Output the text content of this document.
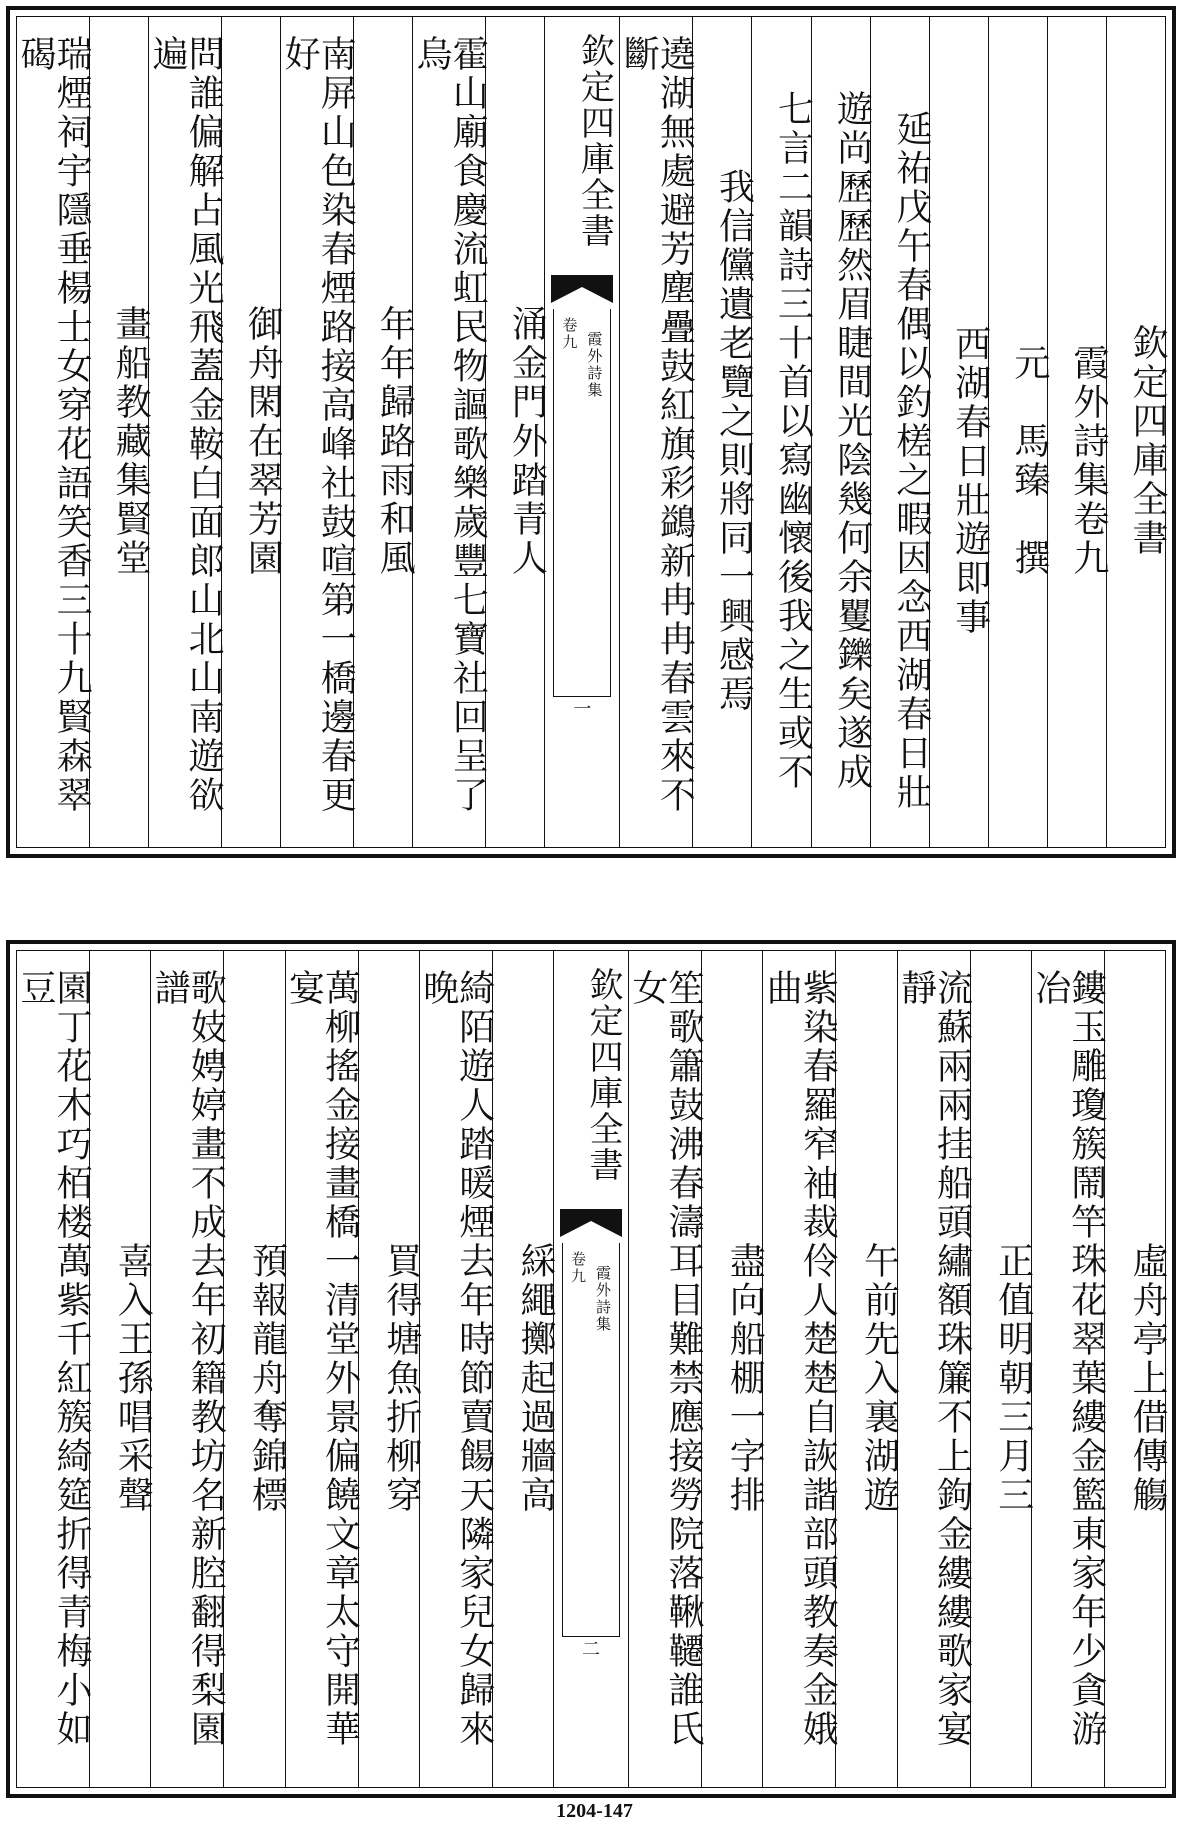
欽定四庫全書
霞外詩集卷九
元　馬臻　撰
西湖春日壯遊即事
延祐戊午春偶以釣槎之暇因念西湖春日壯
遊尚歷歷然眉睫間光陰幾何余矍鑠矣遂成
七言二韻詩三十首以寫幽懷後我之生或不
我信儻遺老覽之則將同一興感焉
遶湖無處避芳塵疊鼓紅旗彩鷁新冉冉春雲來不斷
欽定四庫全書
霞外詩集
卷九
一
涌金門外踏青人
霍山廟食慶流虹民物謳歌樂歲豐七寶社回呈了烏
年年歸路雨和風
南屏山色染春煙路接高峰社鼓喧第一橋邊春更好
御舟閑在翠芳園
問誰偏解占風光飛蓋金鞍白面郎山北山南遊欲遍
畫船教藏集賢堂
瑞煙祠宇隱垂楊士女穿花語笑香三十九賢森翠碣
虛舟亭上借傳觴
鏤玉雕瓊簇鬧竿珠花翠葉縷金籃東家年少貪游冶
正值明朝三月三
流蘇兩兩挂船頭繡額珠簾不上鉤金縷縷歌家宴靜
午前先入裏湖遊
紫染春羅窄袖裁伶人楚楚自詼諧部頭教奏金娥曲
盡向船棚一字排
笙歌簫鼓沸春濤耳目難禁應接勞院落鞦韆誰氏女
欽定四庫全書
霞外詩集
卷九
二
綵繩擲起過牆高
綺陌遊人踏暖煙去年時節賣餳天隣家兒女歸來晚
買得塘魚折柳穿
萬柳搖金接畫橋一清堂外景偏饒文章太守開華宴
預報龍舟奪錦標
歌妓娉婷畫不成去年初籍教坊名新腔翻得梨園譜
喜入王孫唱采聲
園丁花木巧栢楼萬紫千紅簇綺筵折得青梅小如豆
1204-147
